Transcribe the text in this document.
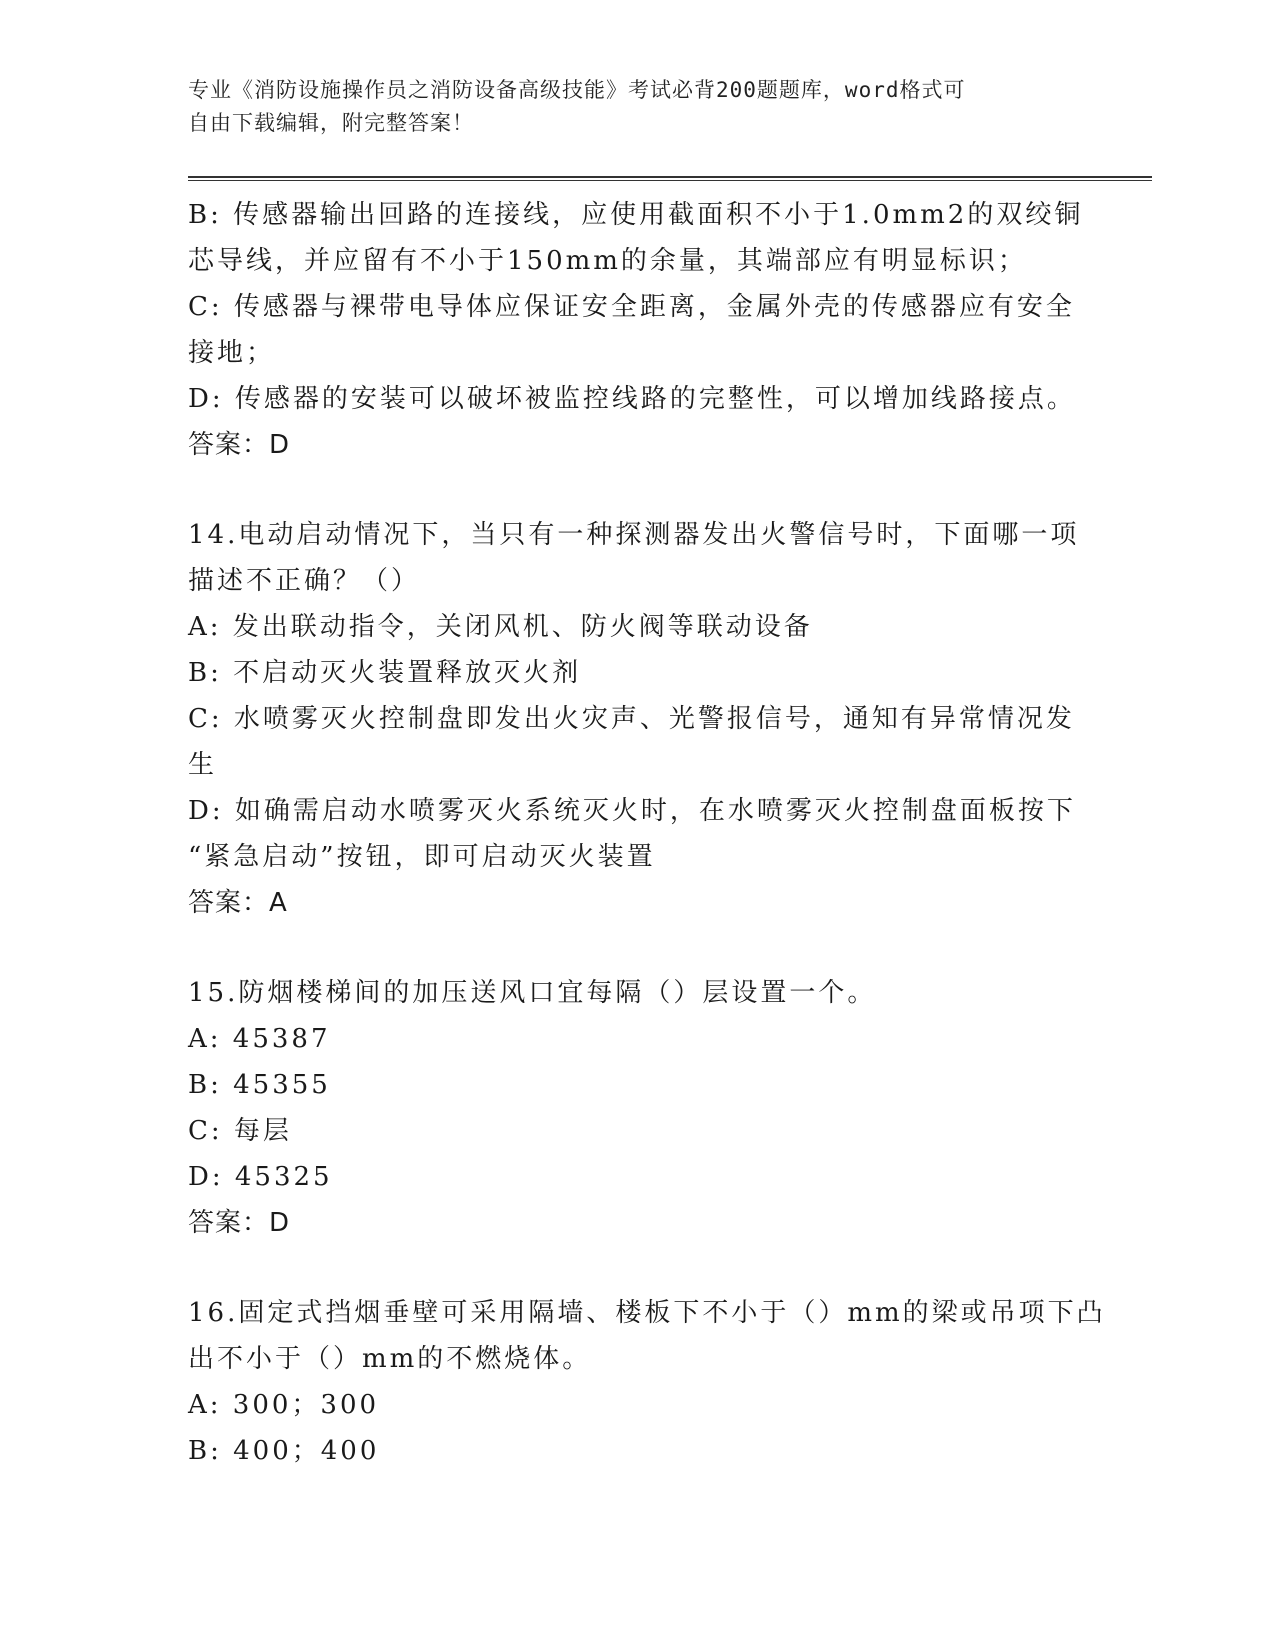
专业《消防设施操作员之消防设备高级技能》考试必背200题题库，word格式可
自由下载编辑，附完整答案！
B: 传感器输出回路的连接线，应使用截面积不小于1.0mm2的双绞铜
芯导线，并应留有不小于150mm的余量，其端部应有明显标识；
C: 传感器与裸带电导体应保证安全距离，金属外壳的传感器应有安全
接地；
D: 传感器的安装可以破坏被监控线路的完整性，可以增加线路接点。
答案：D
14.电动启动情况下，当只有一种探测器发出火警信号时，下面哪一项
描述不正确？（）
A: 发出联动指令，关闭风机、防火阀等联动设备
B: 不启动灭火装置释放灭火剂
C: 水喷雾灭火控制盘即发出火灾声、光警报信号，通知有异常情况发
生
D: 如确需启动水喷雾灭火系统灭火时，在水喷雾灭火控制盘面板按下
“紧急启动”按钮，即可启动灭火装置
答案：A
15.防烟楼梯间的加压送风口宜每隔（）层设置一个。
A: 45387
B: 45355
C: 每层
D: 45325
答案：D
16.固定式挡烟垂壁可采用隔墙、楼板下不小于（）mm的梁或吊项下凸
出不小于（）mm的不燃烧体。
A: 300；300
B: 400；400
